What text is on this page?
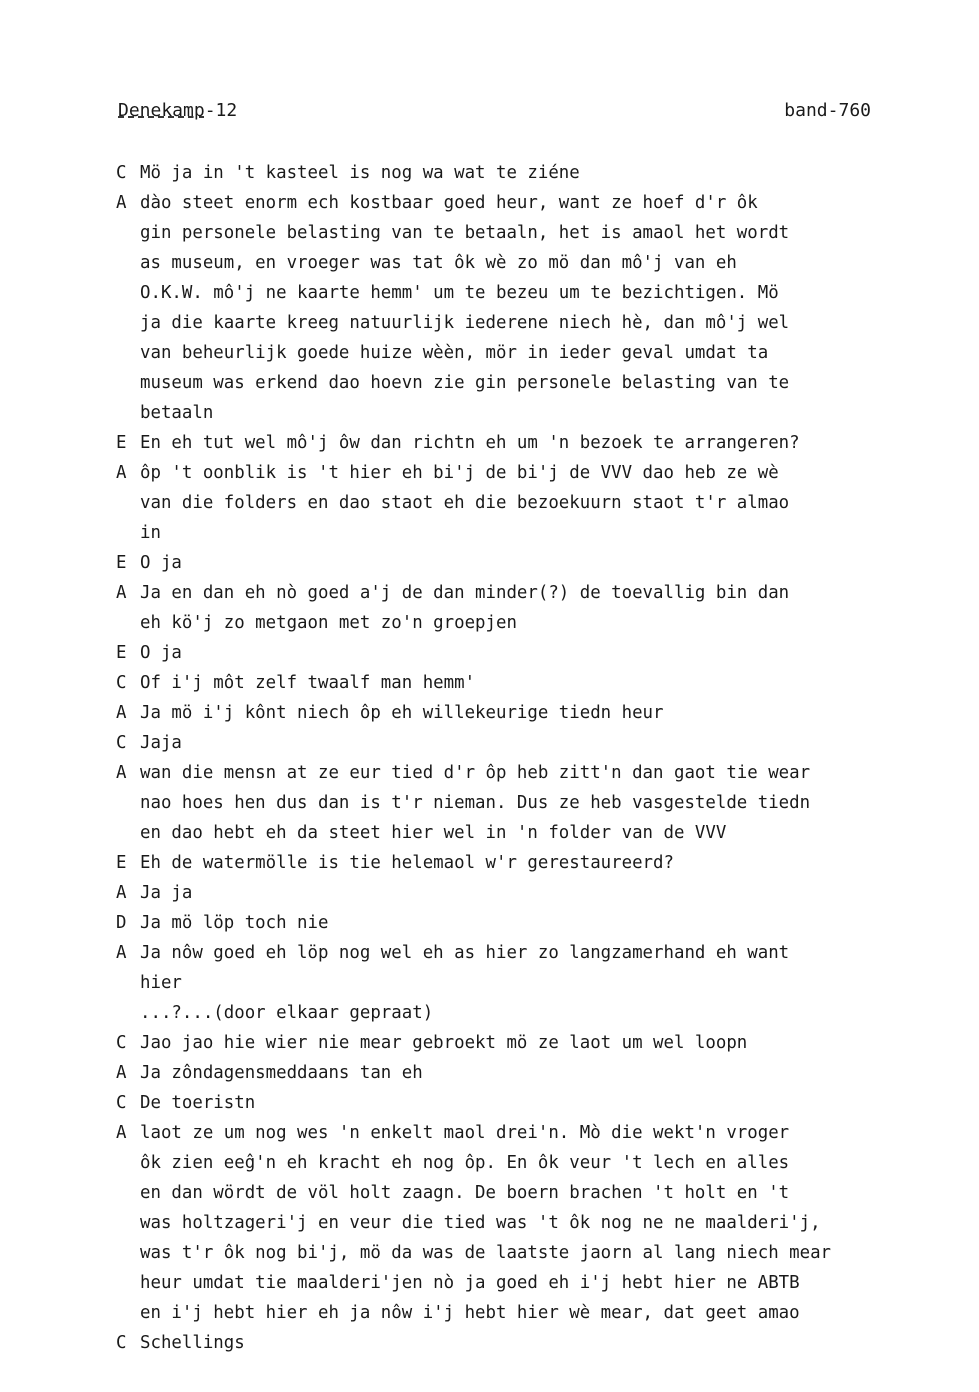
Denekamp-12	band-760
C Mö ja in 't kasteel is nog wa wat te ziéne
A dào steet enorm ech kostbaar goed heur, want ze hoef d'r ôk
gin personele belasting van te betaaln, het is amaol het wordt
as museum, en vroeger was tat ôk wè zo mö dan mô'j van eh
O.K.W. mô'j ne kaarte hemm' um te bezeu um te bezichtigen. Mö
ja die kaarte kreeg natuurlijk iederene niech hè, dan mô'j wel
van beheurlijk goede huize wèèn, mör in ieder geval umdat ta
museum was erkend dao hoevn zie gin personele belasting van te
betaaln
E En eh tut wel mô'j ôw dan richtn eh um 'n bezoek te arrangeren?
A ôp 't oonblik is 't hier eh bi'j de bi'j de VVV dao heb ze wè
van die folders en dao staot eh die bezoekuurn staot t'r almao
in
E O ja
A Ja en dan eh nò goed a'j de dan minder(?) de toevallig bin dan
eh kö'j zo metgaon met zo'n groepjen
E O ja
C Of i'j môt zelf twaalf man hemm'
A Ja mö i'j kônt niech ôp eh willekeurige tiedn heur
C Jaja
A wan die mensn at ze eur tied d'r ôp heb zitt'n dan gaot tie wear
nao hoes hen dus dan is t'r nieman. Dus ze heb vasgestelde tiedn
en dao hebt eh da steet hier wel in 'n folder van de VVV
E Eh de watermölle is tie helemaol w'r gerestaureerd?
A Ja ja
D Ja mö löp toch nie
A Ja nôw goed eh löp nog wel eh as hier zo langzamerhand eh want
hier
...?...(door elkaar gepraat)
C Jao jao hie wier nie mear gebroekt mö ze laot um wel loopn
A Ja zôndagensmeddaans tan eh
C De toeristn
A laot ze um nog wes 'n enkelt maol drei'n. Mò die wekt'n vroger
ôk zien eeĝ'n eh kracht eh nog ôp. En ôk veur 't lech en alles
en dan wördt de völ holt zaagn. De boern brachen 't holt en 't
was holtzageri'j en veur die tied was 't ôk nog ne ne maalderi'j,
was t'r ôk nog bi'j, mö da was de laatste jaorn al lang niech mear
heur umdat tie maalderi'jen nò ja goed eh i'j hebt hier ne ABTB
en i'j hebt hier eh ja nôw i'j hebt hier wè mear, dat geet amao
C Schellings
